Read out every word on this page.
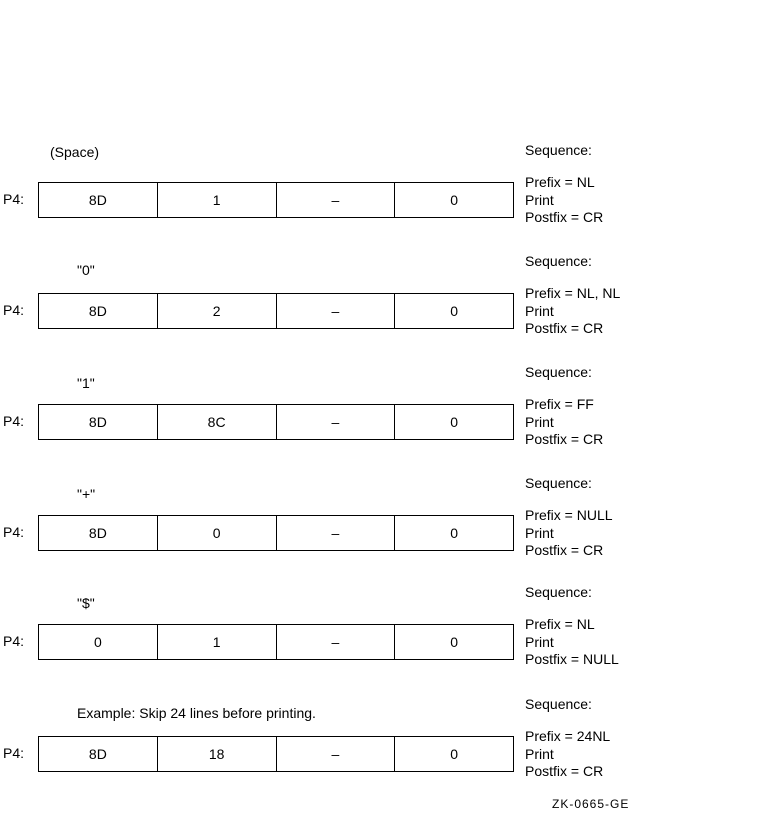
(Space)
P4:	8D	1	–	0
Sequence:
Prefix = NL
Print
Postfix = CR
"0"
P4:	8D	2	–	0
Sequence:
Prefix = NL, NL
Print
Postfix = CR
"1"
P4:	8D	8C	–	0
Sequence:
Prefix = FF
Print
Postfix = CR
"+"
P4:	8D	0	–	0
Sequence:
Prefix = NULL
Print
Postfix = CR
"$"
P4:	0	1	–	0
Sequence:
Prefix = NL
Print
Postfix = NULL
Example: Skip 24 lines before printing.
P4:	8D	18	–	0
Sequence:
Prefix = 24NL
Print
Postfix = CR
ZK-0665-GE
